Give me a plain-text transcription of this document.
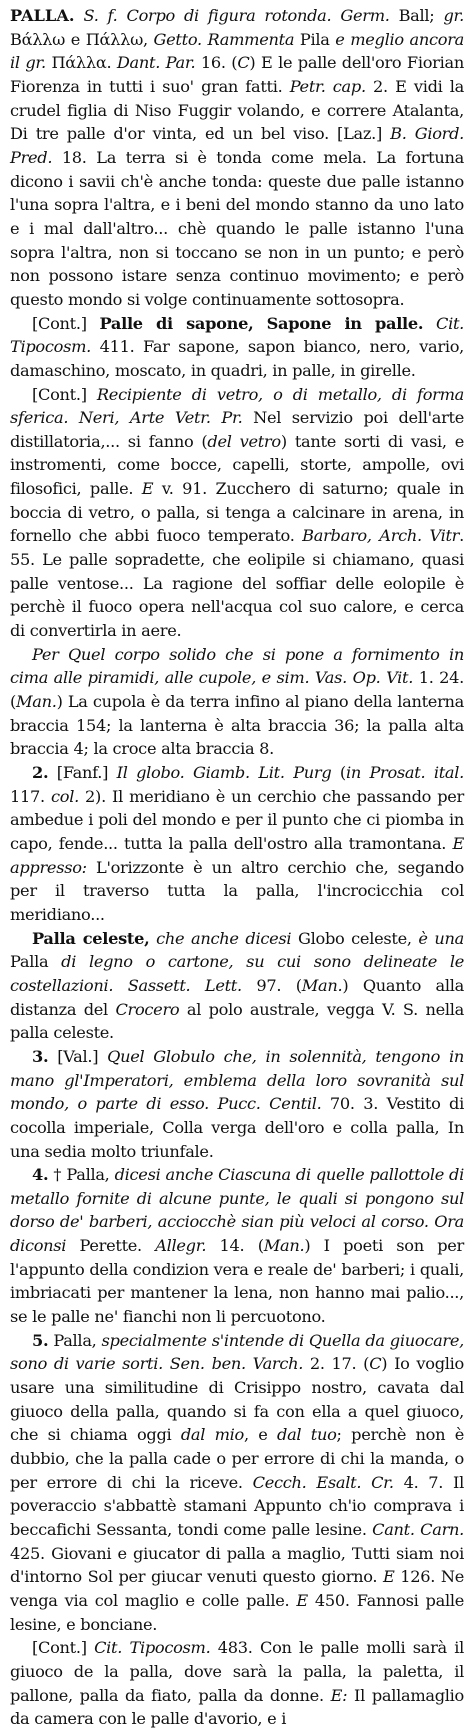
PALLA. S. f. Corpo di figura rotonda. Germ. Ball; gr. Βάλλω e Πάλλω, Getto. Rammenta Pila e meglio ancora il gr. Πάλλα. Dant. Par. 16. (C) E le palle dell'oro Fiorian Fiorenza in tutti i suo' gran fatti. Petr. cap. 2. E vidi la crudel figlia di Niso Fuggir volando, e correre Atalanta, Di tre palle d'or vinta, ed un bel viso. [Laz.] B. Giord. Pred. 18. La terra si è tonda come mela. La fortuna dicono i savii ch'è anche tonda: queste due palle istanno l'una sopra l'altra, e i beni del mondo stanno da uno lato e i mal dall'altro... chè quando le palle istanno l'una sopra l'altra, non si toccano se non in un punto; e però non possono istare senza continuo movimento; e però questo mondo si volge continuamente sottosopra.

[Cont.] Palle di sapone, Sapone in palle. Cit. Tipocosm. 411. Far sapone, sapon bianco, nero, vario, damaschino, moscato, in quadri, in palle, in girelle.

[Cont.] Recipiente di vetro, o di metallo, di forma sferica. Neri, Arte Vetr. Pr. Nel servizio poi dell'arte distillatoria,... si fanno (del vetro) tante sorti di vasi, e instromenti, come bocce, capelli, storte, ampolle, ovi filosofici, palle. E v. 91. Zucchero di saturno; quale in boccia di vetro, o palla, si tenga a calcinare in arena, in fornello che abbi fuoco temperato. Barbaro, Arch. Vitr. 55. Le palle sopradette, che eolipile si chiamano, quasi palle ventose... La ragione del soffiar delle eolopile è perchè il fuoco opera nell'acqua col suo calore, e cerca di convertirla in aere.

Per Quel corpo solido che si pone a fornimento in cima alle piramidi, alle cupole, e sim. Vas. Op. Vit. 1. 24. (Man.) La cupola è da terra infino al piano della lanterna braccia 154; la lanterna è alta braccia 36; la palla alta braccia 4; la croce alta braccia 8.

2. [Fanf.] Il globo. Giamb. Lit. Purg (in Prosat. ital. 117. col. 2). Il meridiano è un cerchio che passando per ambedue i poli del mondo e per il punto che ci piomba in capo, fende... tutta la palla dell'ostro alla tramontana. E appresso: L'orizzonte è un altro cerchio che, segando per il traverso tutta la palla, l'incrocicchia col meridiano...

Palla celeste, che anche dicesi Globo celeste, è una Palla di legno o cartone, su cui sono delineate le costellazioni. Sassett. Lett. 97. (Man.) Quanto alla distanza del Crocero al polo australe, vegga V. S. nella palla celeste.

3. [Val.] Quel Globulo che, in solennità, tengono in mano gl'Imperatori, emblema della loro sovranità sul mondo, o parte di esso. Pucc. Centil. 70. 3. Vestito di cocolla imperiale, Colla verga dell'oro e colla palla, In una sedia molto triunfale.

4. † Palla, dicesi anche Ciascuna di quelle pallottole di metallo fornite di alcune punte, le quali si pongono sul dorso de' barberi, acciocchè sian più veloci al corso. Ora diconsi Perette. Allegr. 14. (Man.) I poeti son per l'appunto della condizion vera e reale de' barberi; i quali, imbriacati per mantener la lena, non hanno mai palio..., se le palle ne' fianchi non li percuotono.

5. Palla, specialmente s'intende di Quella da giuocare, sono di varie sorti. Sen. ben. Varch. 2. 17. (C) Io voglio usare una similitudine di Crisippo nostro, cavata dal giuoco della palla, quando si fa con ella a quel giuoco, che si chiama oggi dal mio, e dal tuo; perchè non è dubbio, che la palla cade o per errore di chi la manda, o per errore di chi la riceve. Cecch. Esalt. Cr. 4. 7. Il poveraccio s'abbattè stamani Appunto ch'io comprava i beccafichi Sessanta, tondi come palle lesine. Cant. Carn. 425. Giovani e giucator di palla a maglio, Tutti siam noi d'intorno Sol per giucar venuti questo giorno. E 126. Ne venga via col maglio e colle palle. E 450. Fannosi palle lesine, e bonciane.

[Cont.] Cit. Tipocosm. 483. Con le palle molli sarà il giuoco de la palla, dove sarà la palla, la paletta, il pallone, palla da fiato, palla da donne. E: Il pallamaglio da camera con le palle d'avorio, e i
